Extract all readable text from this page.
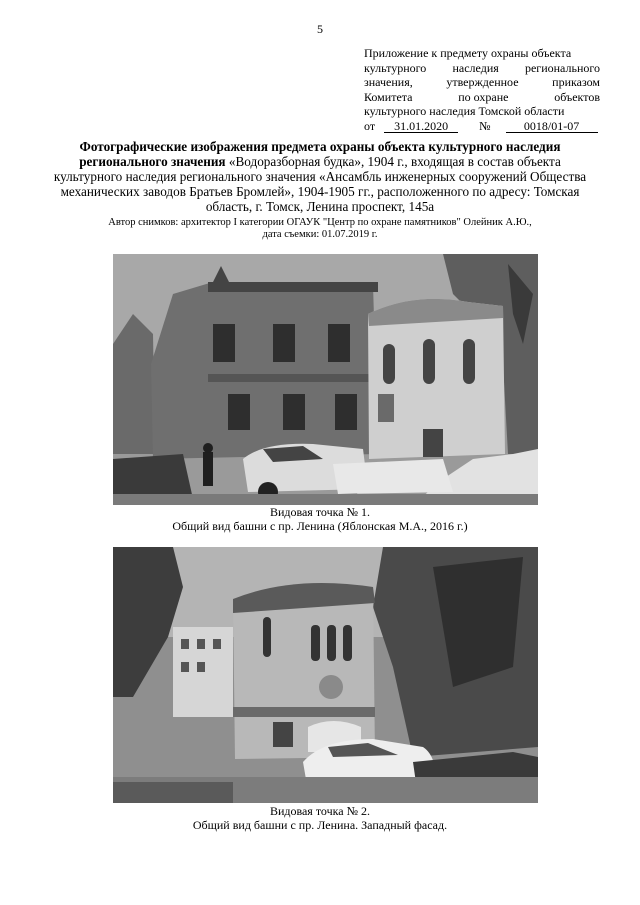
5
Приложение к предмету охраны объекта
культурного наследия регионального
значения,	утвержденное	приказом
Комитета	по охране	объектов
культурного наследия Томской области
от 31.01.2020	№	0018/01-07
Фотографические изображения предмета охраны объекта культурного наследия регионального значения «Водоразборная будка», 1904 г., входящая в состав объекта культурного наследия регионального значения «Ансамбль инженерных сооружений Общества механических заводов Братьев Бромлей», 1904-1905 гг., расположенного по адресу: Томская область, г. Томск, Ленина проспект, 145а
Автор снимков: архитектор I категории ОГАУК "Центр по охране памятников" Олейник А.Ю., дата съемки: 01.07.2019 г.
Видовая точка № 1.
Общий вид башни с пр. Ленина (Яблонская М.А., 2016 г.)
Видовая точка № 2.
Общий вид башни с пр. Ленина. Западный фасад.
